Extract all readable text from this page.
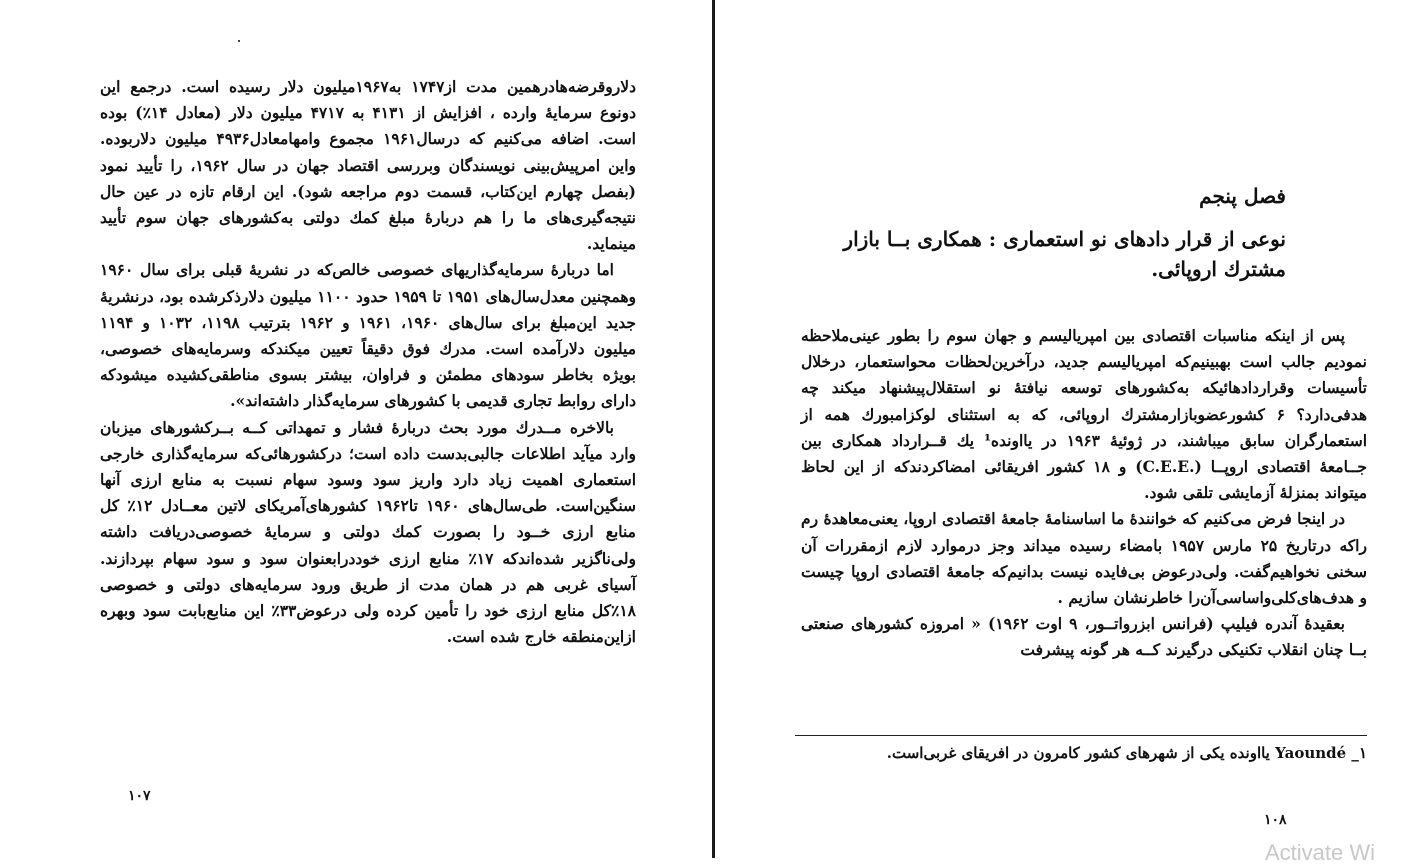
دلاروقرضه‌هادرهمین مدت از۱۷۴۷ به۱۹۶۷میلیون دلار رسیده است. درجمع این دونوع سرمایهٔ وارده ، افزایش از ۴۱۳۱ به ۴۷۱۷ میلیون دلار (معادل ۱۴٪) بوده است. اضافه می‌کنیم که درسال۱۹۶۱ مجموع وامهامعادل۴۹۳۶ میلیون دلاربوده. واین امرپیش‌بینی نویسندگان وبررسی اقتصاد جهان در سال ۱۹۶۲، را تأیید نمود (بفصل چهارم این‌کتاب، قسمت دوم مراجعه شود). این ارقام تازه در عین حال نتیجه‌گیری‌های ما را هم دربارهٔ مبلغ کمك دولتی به‌کشورهای جهان سوم تأیید مینماید.

اما دربارهٔ سرمایه‌گذاریهای خصوصی خالص‌که در نشریهٔ قبلی برای سال ۱۹۶۰ وهمچنین معدل‌سال‌های ۱۹۵۱ تا ۱۹۵۹ حدود ۱۱۰۰ میلیون دلارذکرشده بود، درنشریهٔ جدید این‌مبلغ برای سال‌های ۱۹۶۰، ۱۹۶۱ و ۱۹۶۲ بترتیب ۱۱۹۸، ۱۰۳۲ و ۱۱۹۴ میلیون دلارآمده است. مدرك فوق دقیقاً تعیین میکندکه وسرمایه‌های خصوصی، بویژه بخاطر سودهای مطمئن و فراوان، بیشتر بسوی مناطقی‌کشیده میشودکه دارای روابط تجاری قدیمی با کشورهای سرمایه‌گذار داشته‌اند».

بالاخره مــدرك مورد بحث دربارهٔ فشار و تمهداتی کــه بــرکشورهای میزبان وارد میآید اطلاعات جالبی‌بدست داده است؛ درکشورهائی‌که سرمایه‌گذاری خارجی استعماری اهمیت زیاد دارد واریز سود وسود سهام نسبت به منابع ارزی آنها سنگین‌است. طی‌سال‌های ۱۹۶۰ تا۱۹۶۲ کشورهای‌آمریکای لاتین معــادل ۱۲٪ کل منابع ارزی خــود را بصورت کمك دولتی و سرمایهٔ خصوصی‌دریافت داشته ولی‌ناگزیر شده‌اندکه ۱۷٪ منابع ارزی خوددرابعنوان سود و سود سهام بپردازند. آسیای غربی هم در همان مدت از طریق ورود سرمایه‌های دولتی و خصوصی ۱۸٪کل منابع ارزی خود را تأمین کرده ولی درعوض۳۳٪ این منابع‌بابت سود وبهره ازاین‌منطقه خارج شده است.

۱۰۷
فصل پنجم
نوعی از قرار دادهای نو استعماری : همکاری بــا بازار مشترك اروپائی.

پس از اینکه مناسبات اقتصادی بین امپریالیسم و جهان سوم را بطور عینی‌ملاحظه نمودیم جالب است بهبینیم‌که امپریالیسم جدید، درآخرین‌لحظات محواستعمار، درخلال تأسیسات وقراردادهائیکه به‌کشورهای توسعه نیافتهٔ نو استقلال‌پیشنهاد میکند چه هدفی‌دارد؟ ۶ کشورعضوبازارمشترك اروپائی، که به استثنای لوکزامبورك همه از استعمارگران سابق میباشند، در ژوئیهٔ ۱۹۶۳ در یااونده¹ یك قــرارداد همکاری بین جــامعهٔ اقتصادی اروپــا (.C.E.E) و ۱۸ کشور افریقائی امضاکردندکه از این لحاظ میتواند بمنزلهٔ آزمایشی تلقی شود.

در اینجا فرض می‌کنیم که خوانندهٔ ما اساسنامهٔ جامعهٔ اقتصادی اروپا، یعنی‌معاهدهٔ رم راکه درتاریخ ۲۵ مارس ۱۹۵۷ بامضاء رسیده میداند وجز درموارد لازم ازمقررات آن سخنی نخواهیم‌گفت. ولی‌درعوض بی‌فایده نیست بدانیم‌که جامعهٔ اقتصادی اروپا چیست و هدف‌های‌کلی‌واساسی‌آن‌را خاطرنشان سازیم .

بعقیدهٔ آندره فیلیپ (فرانس ابزرواتــور، ۹ اوت ۱۹۶۲) « امروزه کشورهای صنعتی بــا چنان انقلاب تکنیکی درگیرند کــه هر گونه پیشرفت

۱_ Yaoundé یااونده یکی از شهرهای کشور کامرون در افریقای غربی‌است.
۱۰۸
Activate Wi
